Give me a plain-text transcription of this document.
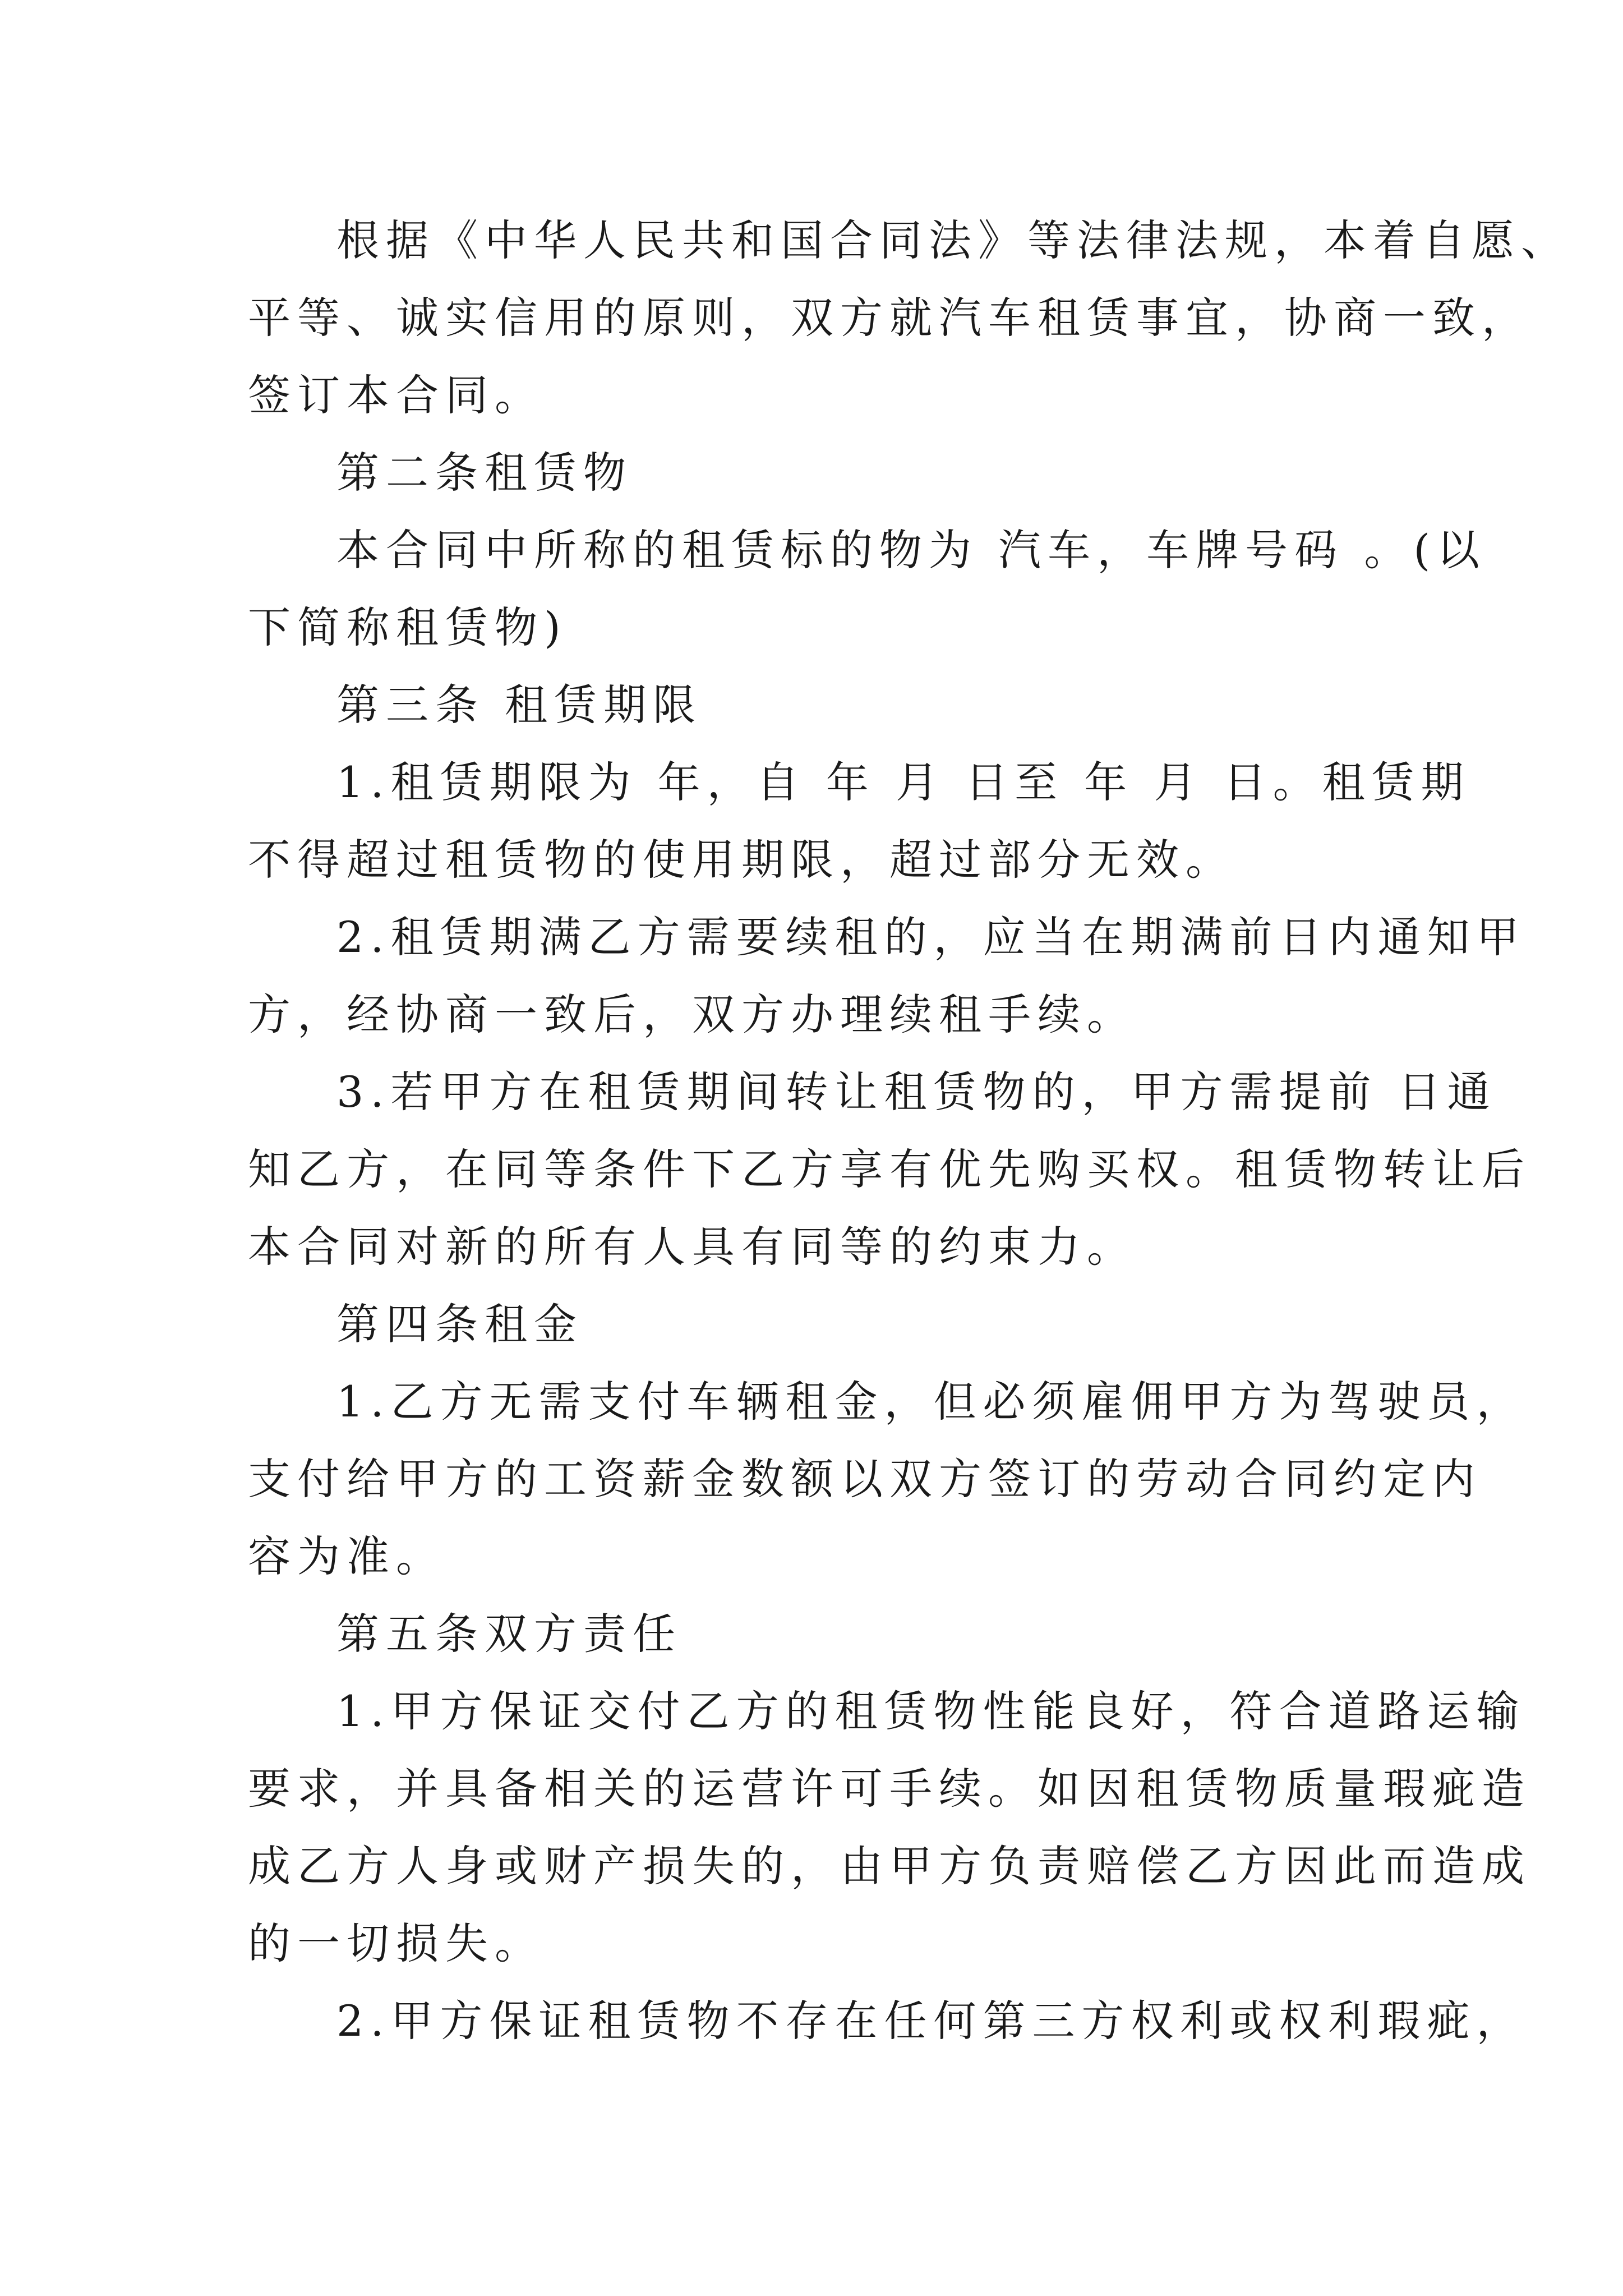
根据《中华人民共和国合同法》等法律法规，本着自愿、
平等、诚实信用的原则，双方就汽车租赁事宜，协商一致，
签订本合同。
第二条租赁物
本合同中所称的租赁标的物为 汽车，车牌号码 。(以
下简称租赁物)
第三条 租赁期限
1.租赁期限为 年，自 年 月 日至 年 月 日。租赁期
不得超过租赁物的使用期限，超过部分无效。
2.租赁期满乙方需要续租的，应当在期满前日内通知甲
方，经协商一致后，双方办理续租手续。
3.若甲方在租赁期间转让租赁物的，甲方需提前 日通
知乙方，在同等条件下乙方享有优先购买权。租赁物转让后
本合同对新的所有人具有同等的约束力。
第四条租金
1.乙方无需支付车辆租金，但必须雇佣甲方为驾驶员，
支付给甲方的工资薪金数额以双方签订的劳动合同约定内
容为准。
第五条双方责任
1.甲方保证交付乙方的租赁物性能良好，符合道路运输
要求，并具备相关的运营许可手续。如因租赁物质量瑕疵造
成乙方人身或财产损失的，由甲方负责赔偿乙方因此而造成
的一切损失。
2.甲方保证租赁物不存在任何第三方权利或权利瑕疵，
